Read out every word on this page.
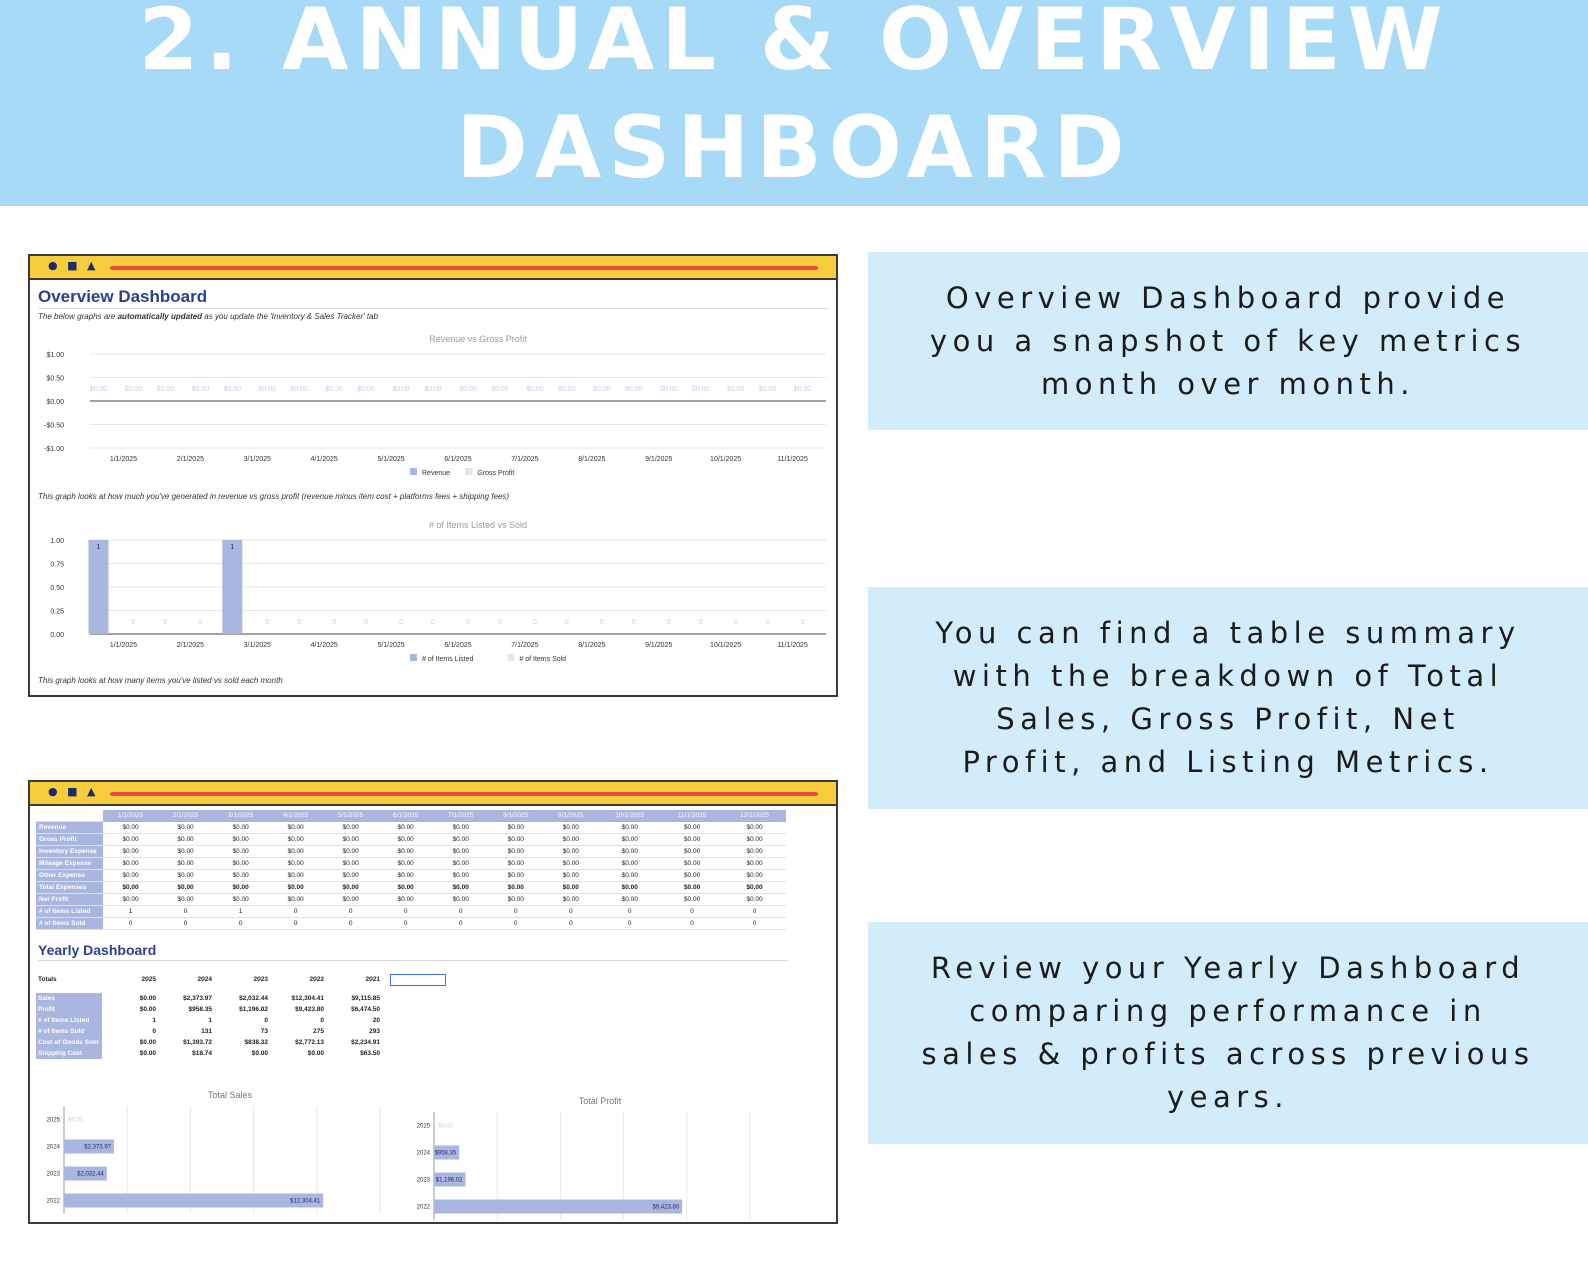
2. ANNUAL & OVERVIEW
DASHBOARD
Overview Dashboard provide
you a snapshot of key metrics
month over month.
You can find a table summary
with the breakdown of Total
Sales, Gross Profit, Net
Profit, and Listing Metrics.
Review your Yearly Dashboard
comparing performance in
sales & profits across previous
years.
● ■ ▲
Overview Dashboard
The below graphs are automatically updated as you update the 'Inventory & Sales Tracker' tab
Revenue vs Gross Profit
$1.00
$0.50
$0.00
-$0.50
-$1.00
1/1/2025
$0.00 $0.00
2/1/2025
$0.00 $0.00
3/1/2025
$0.00 $0.00
4/1/2025
$0.00 $0.00
5/1/2025
$0.00 $0.00
6/1/2025
$0.00 $0.00
7/1/2025
$0.00 $0.00
8/1/2025
$0.00 $0.00
9/1/2025
$0.00 $0.00
10/1/2025
$0.00 $0.00
11/1/2025
$0.00 $0.00
Revenue	Gross Profit
This graph looks at how much you've generated in revenue vs gross profit (revenue minus item cost + platforms fees + shipping fees)
# of Items Listed vs Sold
1.00
0.75
0.50
0.25
0.00
1/1/2025
1
0
2/1/2025
0	0
3/1/2025
1
0
4/1/2025
0	0
5/1/2025
0	0
6/1/2025
0	0
7/1/2025
0	0
8/1/2025
0	0
9/1/2025
0	0
10/1/2025
0	0
11/1/2025
0	0
# of Items Listed	# of Items Sold
This graph looks at how many items you've listed vs sold each month
● ■ ▲
	1/1/2025	2/1/2025	3/1/2025	4/1/2025	5/1/2025	6/1/2025	7/1/2025	8/1/2025	9/1/2025	10/1/2025	11/1/2025	12/1/2025
Revenue	$0.00	$0.00	$0.00	$0.00	$0.00	$0.00	$0.00	$0.00	$0.00	$0.00	$0.00	$0.00
Gross Profit	$0.00	$0.00	$0.00	$0.00	$0.00	$0.00	$0.00	$0.00	$0.00	$0.00	$0.00	$0.00
Inventory Expense	$0.00	$0.00	$0.00	$0.00	$0.00	$0.00	$0.00	$0.00	$0.00	$0.00	$0.00	$0.00
Mileage Expense	$0.00	$0.00	$0.00	$0.00	$0.00	$0.00	$0.00	$0.00	$0.00	$0.00	$0.00	$0.00
Other Expense	$0.00	$0.00	$0.00	$0.00	$0.00	$0.00	$0.00	$0.00	$0.00	$0.00	$0.00	$0.00
Total Expenses	$0.00	$0.00	$0.00	$0.00	$0.00	$0.00	$0.00	$0.00	$0.00	$0.00	$0.00	$0.00
Net Profit	$0.00	$0.00	$0.00	$0.00	$0.00	$0.00	$0.00	$0.00	$0.00	$0.00	$0.00	$0.00
# of Items Listed	1	0	1	0	0	0	0	0	0	0	0	0
# of Items Sold	0	0	0	0	0	0	0	0	0	0	0	0
Yearly Dashboard
Totals	2025	2024	2023	2022	2021

Sales	$0.00	$2,373.97	$2,032.44	$12,304.41	$9,115.85
Profit	$0.00	$958.35	$1,196.02	$9,423.80	$6,474.50
# of Items Listed	1	1	0	0	20
# of Items Sold	0	131	73	275	293
Cost of Goods Sold	$0.00	$1,393.72	$838.32	$2,772.13	$2,234.91
Shipping Cost	$0.00	$18.74	$0.00	$0.00	$63.50
Total Sales
2025 $0.00
2024	$2,373.97
2023	$2,032.44
2022	$12,304.41
Total Profit
2025 $0.00
2024 $958.35
2023 $1,196.02
2022	$9,423.80
